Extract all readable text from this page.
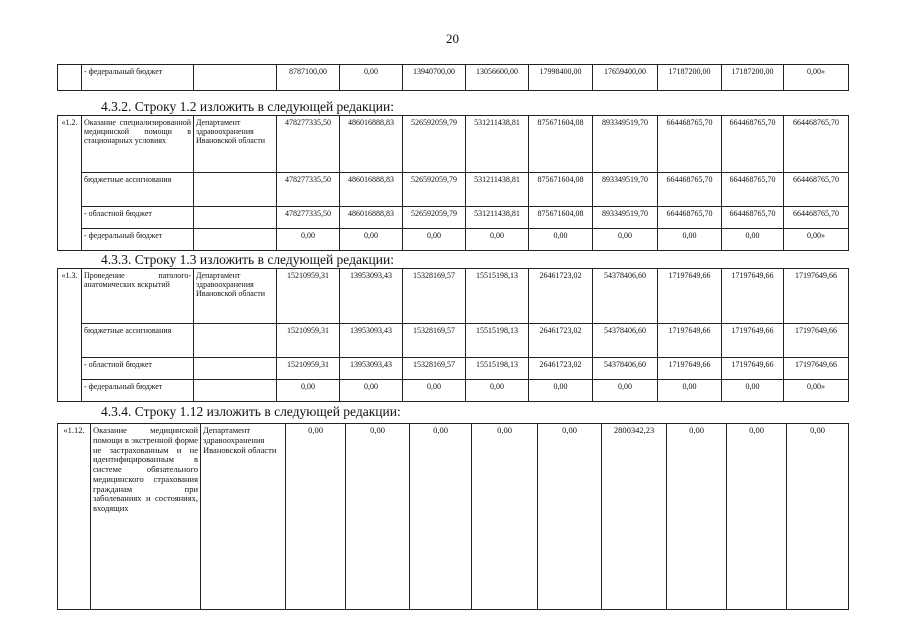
20
	- федеральный бюджет		8787100,00	0,00	13940700,00	13056600,00	17998400,00	17659400,00	17187200,00	17187200,00	0,00»
4.3.2. Строку 1.2 изложить в следующей редакции:
«1.2.	Оказание специализированной медицинской помощи в стационарных условиях	Департамент здравоохранения Ивановской области	478277335,50	486016888,83	526592059,79	531211438,81	875671604,08	893349519,70	664468765,70	664468765,70	664468765,70
	бюджетные ассигнования		478277335,50	486016888,83	526592059,79	531211438,81	875671604,08	893349519,70	664468765,70	664468765,70	664468765,70
	- областной бюджет		478277335,50	486016888,83	526592059,79	531211438,81	875671604,08	893349519,70	664468765,70	664468765,70	664468765,70
	- федеральный бюджет		0,00	0,00	0,00	0,00	0,00	0,00	0,00	0,00	0,00»
4.3.3. Строку 1.3 изложить в следующей редакции:
«1.3.	Проведение патолого-анатомических вскрытий	Департамент здравоохранения Ивановской области	15210959,31	13953093,43	15328169,57	15515198,13	26461723,02	54378406,60	17197649,66	17197649,66	17197649,66
	бюджетные ассигнования		15210959,31	13953093,43	15328169,57	15515198,13	26461723,02	54378406,60	17197649,66	17197649,66	17197649,66
	- областной бюджет		15210959,31	13953093,43	15328169,57	15515198,13	26461723,02	54378406,60	17197649,66	17197649,66	17197649,66
	- федеральный бюджет		0,00	0,00	0,00	0,00	0,00	0,00	0,00	0,00	0,00»
4.3.4. Строку 1.12 изложить в следующей редакции:
«1.12.	Оказание медицинской помощи в экстренной форме не застрахованным и не идентифицированным в системе обязательного медицинского страхования гражданам при заболеваниях и состояниях, входящих	Департамент здравоохранения Ивановской области	0,00	0,00	0,00	0,00	0,00	2800342,23	0,00	0,00	0,00
